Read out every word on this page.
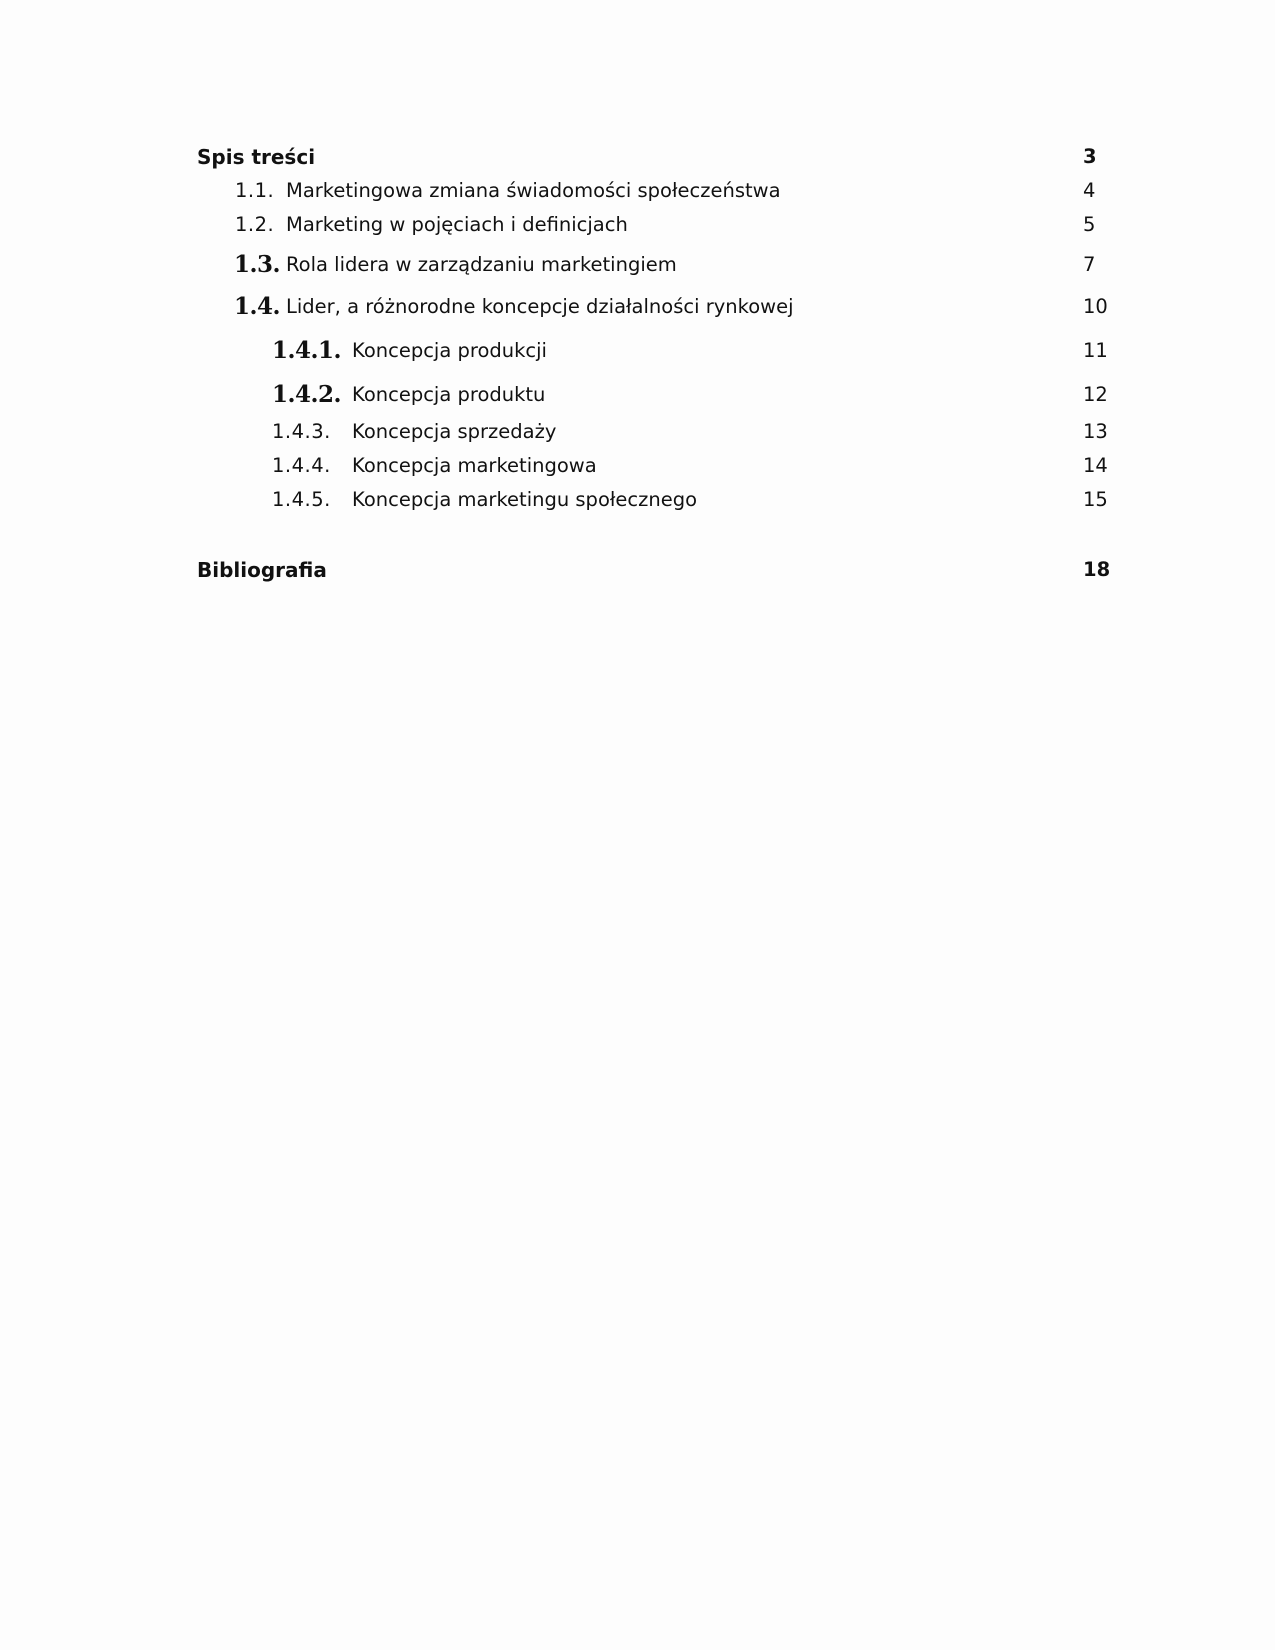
Spis treści	3
1.1. Marketingowa zmiana świadomości społeczeństwa	4
1.2. Marketing w pojęciach i definicjach	5
1.3. Rola lidera w zarządzaniu marketingiem	7
1.4. Lider, a różnorodne koncepcje działalności rynkowej	10
1.4.1. Koncepcja produkcji	11
1.4.2. Koncepcja produktu	12
1.4.3. Koncepcja sprzedaży	13
1.4.4. Koncepcja marketingowa	14
1.4.5. Koncepcja marketingu społecznego	15
Bibliografia	18
